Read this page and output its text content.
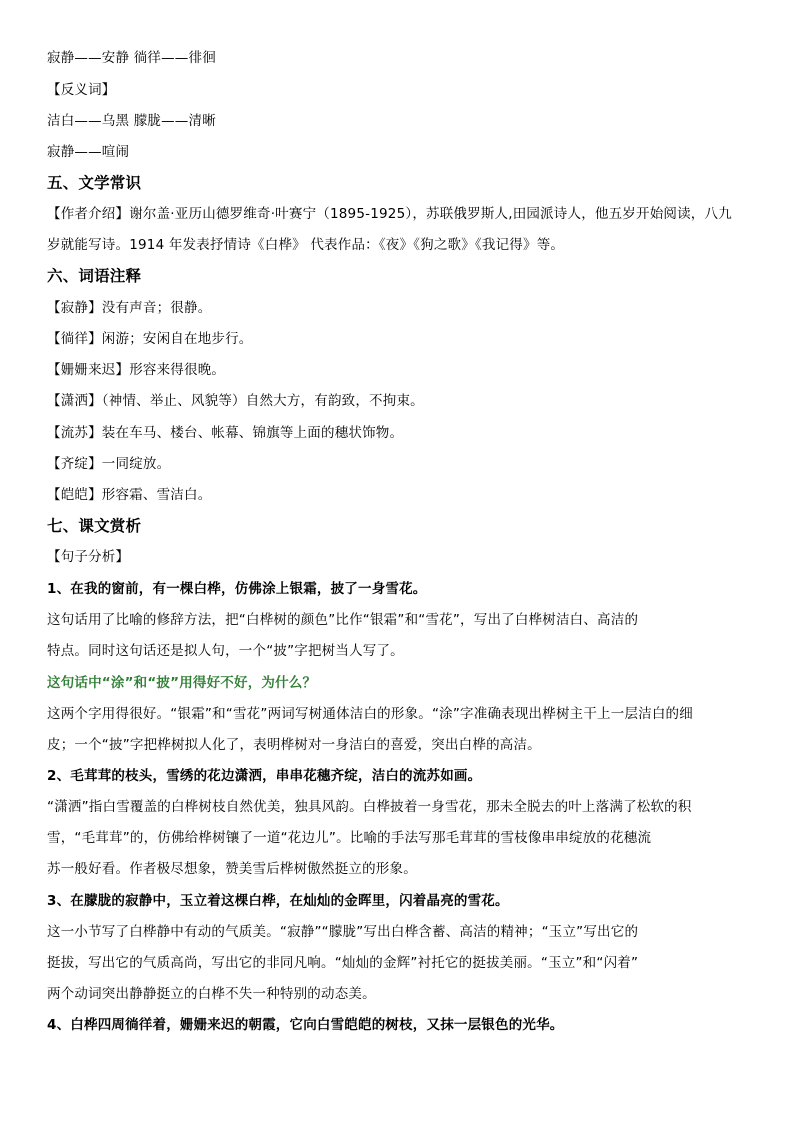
寂静——安静 徜徉——徘徊
【反义词】
洁白——乌黑 朦胧——清晰
寂静——喧闹
五、文学常识
【作者介绍】谢尔盖·亚历山德罗维奇·叶赛宁（1895-1925），苏联俄罗斯人,田园派诗人，他五岁开始阅读，八九
岁就能写诗。1914 年发表抒情诗《白桦》 代表作品：《夜》《狗之歌》《我记得》等。
六、词语注释
【寂静】没有声音；很静。
【徜徉】闲游；安闲自在地步行。
【姗姗来迟】形容来得很晚。
【潇洒】（神情、举止、风貌等）自然大方，有韵致，不拘束。
【流苏】装在车马、楼台、帐幕、锦旗等上面的穗状饰物。
【齐绽】一同绽放。
【皑皑】形容霜、雪洁白。
七、课文赏析
【句子分析】
1、在我的窗前，有一棵白桦，仿佛涂上银霜，披了一身雪花。
这句话用了比喻的修辞方法，把“白桦树的颜色”比作“银霜”和“雪花”，写出了白桦树洁白、高洁的
特点。同时这句话还是拟人句，一个“披”字把树当人写了。
这句话中“涂”和“披”用得好不好，为什么？
这两个字用得很好。“银霜”和“雪花”两词写树通体洁白的形象。“涂”字准确表现出桦树主干上一层洁白的细
皮；一个“披”字把桦树拟人化了，表明桦树对一身洁白的喜爱，突出白桦的高洁。
2、毛茸茸的枝头，雪绣的花边潇洒，串串花穗齐绽，洁白的流苏如画。
“潇洒”指白雪覆盖的白桦树枝自然优美，独具风韵。白桦披着一身雪花，那未全脱去的叶上落满了松软的积
雪，“毛茸茸”的，仿佛给桦树镶了一道“花边儿”。比喻的手法写那毛茸茸的雪枝像串串绽放的花穗流
苏一般好看。作者极尽想象，赞美雪后桦树傲然挺立的形象。
3、在朦胧的寂静中，玉立着这棵白桦，在灿灿的金晖里，闪着晶亮的雪花。
这一小节写了白桦静中有动的气质美。“寂静”“朦胧”写出白桦含蓄、高洁的精神；“玉立”写出它的
挺拔，写出它的气质高尚，写出它的非同凡响。“灿灿的金辉”衬托它的挺拔美丽。“玉立”和“闪着”
两个动词突出静静挺立的白桦不失一种特别的动态美。
4、白桦四周徜徉着，姗姗来迟的朝霞，它向白雪皑皑的树枝，又抹一层银色的光华。
